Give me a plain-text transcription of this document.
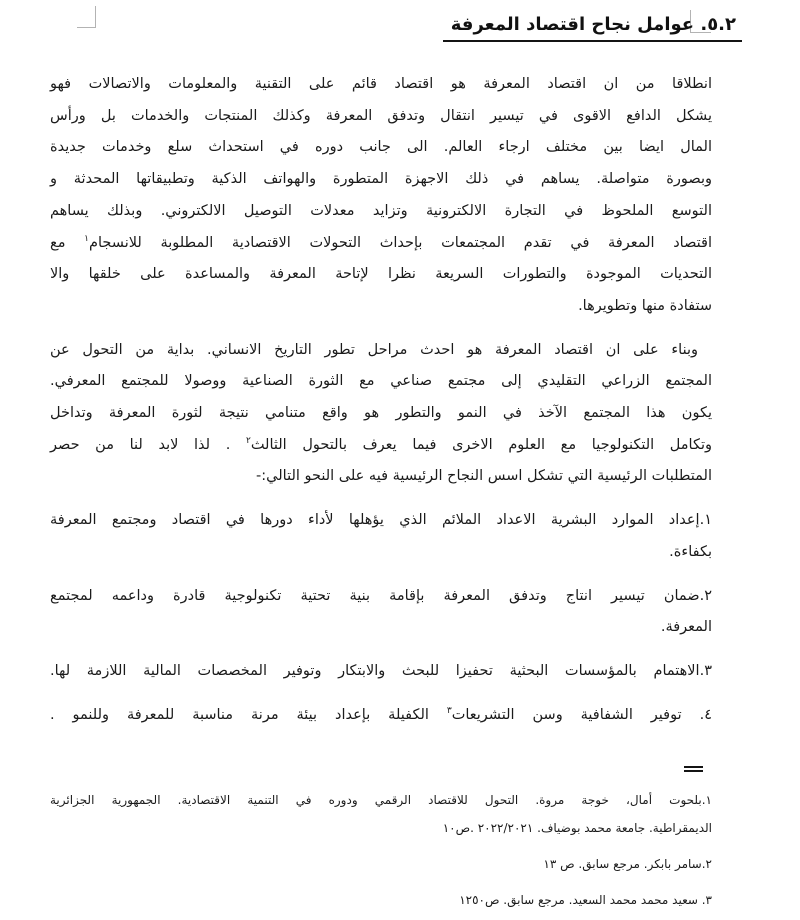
٥.٢. عوامل نجاح اقتصاد المعرفة
انطلاقا من ان اقتصاد المعرفة هو اقتصاد قائم على التقنية والمعلومات والاتصالات فهو
يشكل الدافع الاقوى في تيسير انتقال وتدفق المعرفة وكذلك المنتجات والخدمات بل ورأس
المال ايضا بين مختلف ارجاء العالم. الى جانب دوره في استحداث سلع وخدمات جديدة
وبصورة متواصلة. يساهم في ذلك الاجهزة المتطورة والهواتف الذكية وتطبيقاتها المحدثة و
التوسع الملحوظ في التجارة الالكترونية وتزايد معدلات التوصيل الالكتروني. وبذلك يساهم
اقتصاد المعرفة في تقدم المجتمعات بإحداث التحولات الاقتصادية المطلوبة للانسجام$^١$ مع
التحديات الموجودة والتطورات السريعة نظرا لإتاحة المعرفة والمساعدة على خلقها والا
ستفادة منها وتطويرها.
وبناء على ان اقتصاد المعرفة هو احدث مراحل تطور التاريخ الانساني. بداية من التحول عن
المجتمع الزراعي التقليدي إلى مجتمع صناعي مع الثورة الصناعية ووصولا للمجتمع المعرفي.
يكون هذا المجتمع الآخذ في النمو والتطور هو واقع متنامي نتيجة لثورة المعرفة وتداخل
وتكامل التكنولوجيا مع العلوم الاخرى فيما يعرف بالتحول الثالث$^٢$ . لذا لابد لنا من حصر
المتطلبات الرئيسية التي تشكل اسس النجاح الرئيسية فيه على النحو التالي:-
١.إعداد الموارد البشرية الاعداد الملائم الذي يؤهلها لأداء دورها في اقتصاد ومجتمع المعرفة
بكفاءة.
٢.ضمان تيسير انتاج وتدفق المعرفة بإقامة بنية تحتية تكنولوجية قادرة وداعمه لمجتمع
المعرفة.
٣.الاهتمام بالمؤسسات البحثية تحفيزا للبحث والابتكار وتوفير المخصصات المالية اللازمة لها.
٤. توفير الشفافية وسن التشريعات$^٣$ الكفيلة بإعداد بيئة مرنة مناسبة للمعرفة وللنمو .
١.بلحوت أمال، خوجة مروة. التحول للاقتصاد الرقمي ودوره في التنمية الاقتصادية. الجمهورية الجزائرية
الديمقراطية. جامعة محمد بوضياف. ٢٠٢٢/٢٠٢١ .ص١٠
٢.سامر بابكر. مرجع سابق. ص ١٣
٣. سعيد محمد محمد السعيد. مرجع سابق. ص١٢٥٠
